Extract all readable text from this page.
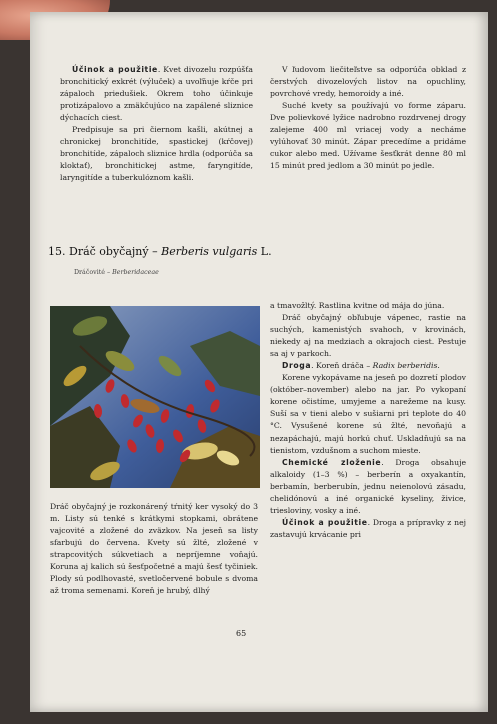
Účinok a použitie. Kvet divozelu rozpúšťa bronchitický exkrét (výluček) a uvoľňuje kŕče pri zápaloch priedušiek. Okrem toho účinkuje protizápalovo a zmäkčujúco na zapálené sliznice dýchacích ciest.

Predpisuje sa pri čiernom kašli, akútnej a chronickej bronchitíde, spastickej (kŕčovej) bronchitíde, zápaloch sliznice hrdla (odporúča sa kloktať), bronchitickej astme, faryngitíde, laryngitíde a tuberkulóznom kašli.

V ľudovom liečiteľstve sa odporúča obklad z čerstvých divozelových listov na opuchliny, povrchové vredy, hemoroidy a iné.

Suché kvety sa používajú vo forme záparu. Dve polievkové lyžice nadrobno rozdrvenej drogy zalejeme 400 ml vriacej vody a necháme vylúhovať 30 minút. Zápar precedíme a pridáme cukor alebo med. Užívame šesťkrát denne 80 ml 15 minút pred jedlom a 30 minút po jedle.

15. Dráč obyčajný – Berberis vulgaris L.
Dráčovité – Berberidaceae

Dráč obyčajný je rozkonárený tŕnitý ker vysoký do 3 m. Listy sú tenké s krátkymi stopkami, obrátene vajcovité a zložené do zväzkov. Na jeseň sa listy sfarbujú do červena. Kvety sú žlté, zložené v strapcovitých súkvetiach a nepríjemne voňajú. Koruna aj kalich sú šesťpočetné a majú šesť tyčiniek. Plody sú podlhovasté, svetločervené bobule s dvoma až troma semenami. Koreň je hrubý, dlhý

a tmavožltý. Rastlina kvitne od mája do júna.

Dráč obyčajný obľubuje vápenec, rastie na suchých, kamenistých svahoch, v krovinách, niekedy aj na medziach a okrajoch ciest. Pestuje sa aj v parkoch.

Droga. Koreň dráča – Radix berberidis.

Korene vykopávame na jeseň po dozretí plodov (október–november) alebo na jar. Po vykopaní korene očistíme, umyjeme a narežeme na kusy. Suší sa v tieni alebo v sušiarni pri teplote do 40 °C. Vysušené korene sú žlté, nevoňajú a nezapáchajú, majú horkú chuť. Uskladňujú sa na tienistom, vzdušnom a suchom mieste.

Chemické zloženie. Droga obsahuje alkaloidy (1–3 %) – berberín a oxyakantín, berbamín, berberubín, jednu neienolovú zásadu, chelidónovú a iné organické kyseliny, živice, triesloviny, vosky a iné.

Účinok a použitie. Droga a prípravky z nej zastavujú krvácanie pri

65
